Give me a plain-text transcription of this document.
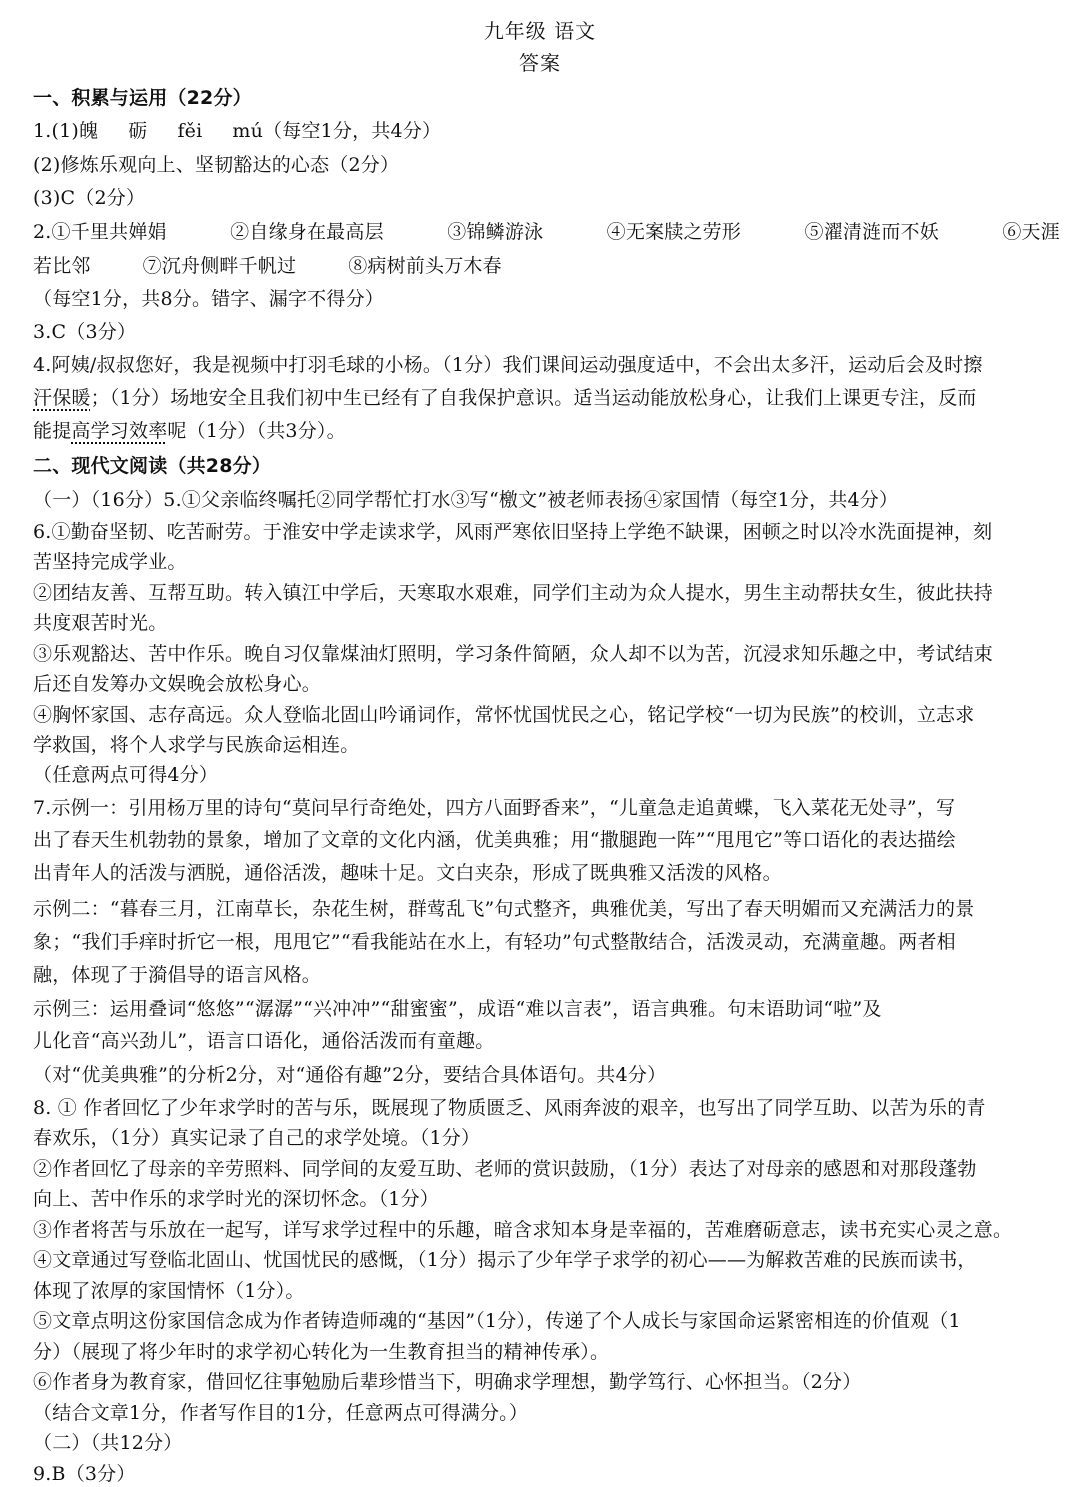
九年级 语文
答案
一、积累与运用（22分）
1.(1)魄 砺 fěi mú（每空1分，共4分）
(2)修炼乐观向上、坚韧豁达的心态（2分）
(3)C（2分）
2.①千里共婵娟	②自缘身在最高层	③锦鳞游泳	④无案牍之劳形	⑤濯清涟而不妖	⑥天涯
若比邻	⑦沉舟侧畔千帆过	⑧病树前头万木春
（每空1分，共8分。错字、漏字不得分）
3.C（3分）
4.阿姨/叔叔您好，我是视频中打羽毛球的小杨。（1分）我们课间运动强度适中，不会出太多汗，运动后会及时擦
汗保暖；（1分）场地安全且我们初中生已经有了自我保护意识。适当运动能放松身心，让我们上课更专注，反而
能提高学习效率呢（1分）（共3分）。
二、现代文阅读（共28分）
（一）（16分）5.①父亲临终嘱托②同学帮忙打水③写“檄文”被老师表扬④家国情（每空1分，共4分）
6.①勤奋坚韧、吃苦耐劳。于淮安中学走读求学，风雨严寒依旧坚持上学绝不缺课，困顿之时以冷水洗面提神，刻
苦坚持完成学业。
②团结友善、互帮互助。转入镇江中学后，天寒取水艰难，同学们主动为众人提水，男生主动帮扶女生，彼此扶持
共度艰苦时光。
③乐观豁达、苦中作乐。晚自习仅靠煤油灯照明，学习条件简陋，众人却不以为苦，沉浸求知乐趣之中，考试结束
后还自发筹办文娱晚会放松身心。
④胸怀家国、志存高远。众人登临北固山吟诵词作，常怀忧国忧民之心，铭记学校“一切为民族”的校训，立志求
学救国，将个人求学与民族命运相连。
（任意两点可得4分）
7.示例一：引用杨万里的诗句“莫问早行奇绝处，四方八面野香来”，“儿童急走追黄蝶，飞入菜花无处寻”，写
出了春天生机勃勃的景象，增加了文章的文化内涵，优美典雅；用“撒腿跑一阵”“甩甩它”等口语化的表达描绘
出青年人的活泼与洒脱，通俗活泼，趣味十足。文白夹杂，形成了既典雅又活泼的风格。
示例二：“暮春三月，江南草长，杂花生树，群莺乱飞”句式整齐，典雅优美，写出了春天明媚而又充满活力的景
象；“我们手痒时折它一根，甩甩它”“看我能站在水上，有轻功”句式整散结合，活泼灵动，充满童趣。两者相
融，体现了于漪倡导的语言风格。
示例三：运用叠词“悠悠”“潺潺”“兴冲冲”“甜蜜蜜”，成语“难以言表”，语言典雅。句末语助词“啦”及
儿化音“高兴劲儿”，语言口语化，通俗活泼而有童趣。
（对“优美典雅”的分析2分，对“通俗有趣”2分，要结合具体语句。共4分）
8. ① 作者回忆了少年求学时的苦与乐，既展现了物质匮乏、风雨奔波的艰辛，也写出了同学互助、以苦为乐的青
春欢乐，（1分）真实记录了自己的求学处境。（1分）
②作者回忆了母亲的辛劳照料、同学间的友爱互助、老师的赏识鼓励，（1分）表达了对母亲的感恩和对那段蓬勃
向上、苦中作乐的求学时光的深切怀念。（1分）
③作者将苦与乐放在一起写，详写求学过程中的乐趣，暗含求知本身是幸福的，苦难磨砺意志，读书充实心灵之意。
④文章通过写登临北固山、忧国忧民的感慨，（1分）揭示了少年学子求学的初心——为解救苦难的民族而读书，
体现了浓厚的家国情怀（1分）。
⑤文章点明这份家国信念成为作者铸造师魂的“基因”（1分），传递了个人成长与家国命运紧密相连的价值观（1
分）（展现了将少年时的求学初心转化为一生教育担当的精神传承）。
⑥作者身为教育家，借回忆往事勉励后辈珍惜当下，明确求学理想，勤学笃行、心怀担当。（2分）
（结合文章1分，作者写作目的1分，任意两点可得满分。）
（二）（共12分）
9.B（3分）
